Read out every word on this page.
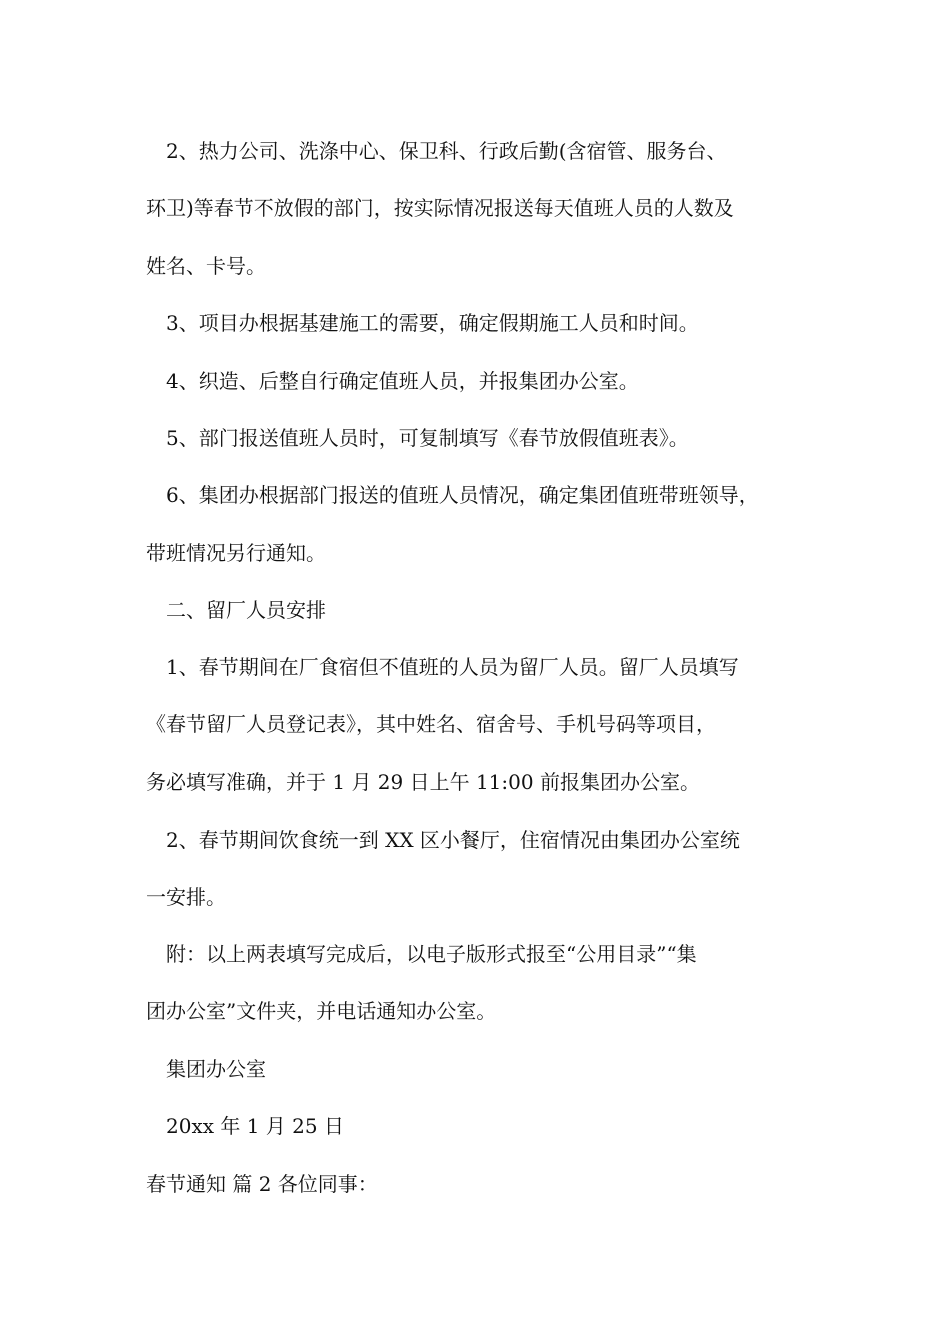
2、热力公司、洗涤中心、保卫科、行政后勤(含宿管、服务台、
环卫)等春节不放假的部门，按实际情况报送每天值班人员的人数及
姓名、卡号。
3、项目办根据基建施工的需要，确定假期施工人员和时间。
4、织造、后整自行确定值班人员，并报集团办公室。
5、部门报送值班人员时，可复制填写《春节放假值班表》。
6、集团办根据部门报送的值班人员情况，确定集团值班带班领导，
带班情况另行通知。
二、留厂人员安排
1、春节期间在厂食宿但不值班的人员为留厂人员。留厂人员填写
《春节留厂人员登记表》，其中姓名、宿舍号、手机号码等项目，
务必填写准确，并于 1 月 29 日上午 11:00 前报集团办公室。
2、春节期间饮食统一到 XX 区小餐厅，住宿情况由集团办公室统
一安排。
附：以上两表填写完成后，以电子版形式报至“公用目录”“集
团办公室”文件夹，并电话通知办公室。
集团办公室
20xx 年 1 月 25 日
春节通知 篇 2 各位同事：
